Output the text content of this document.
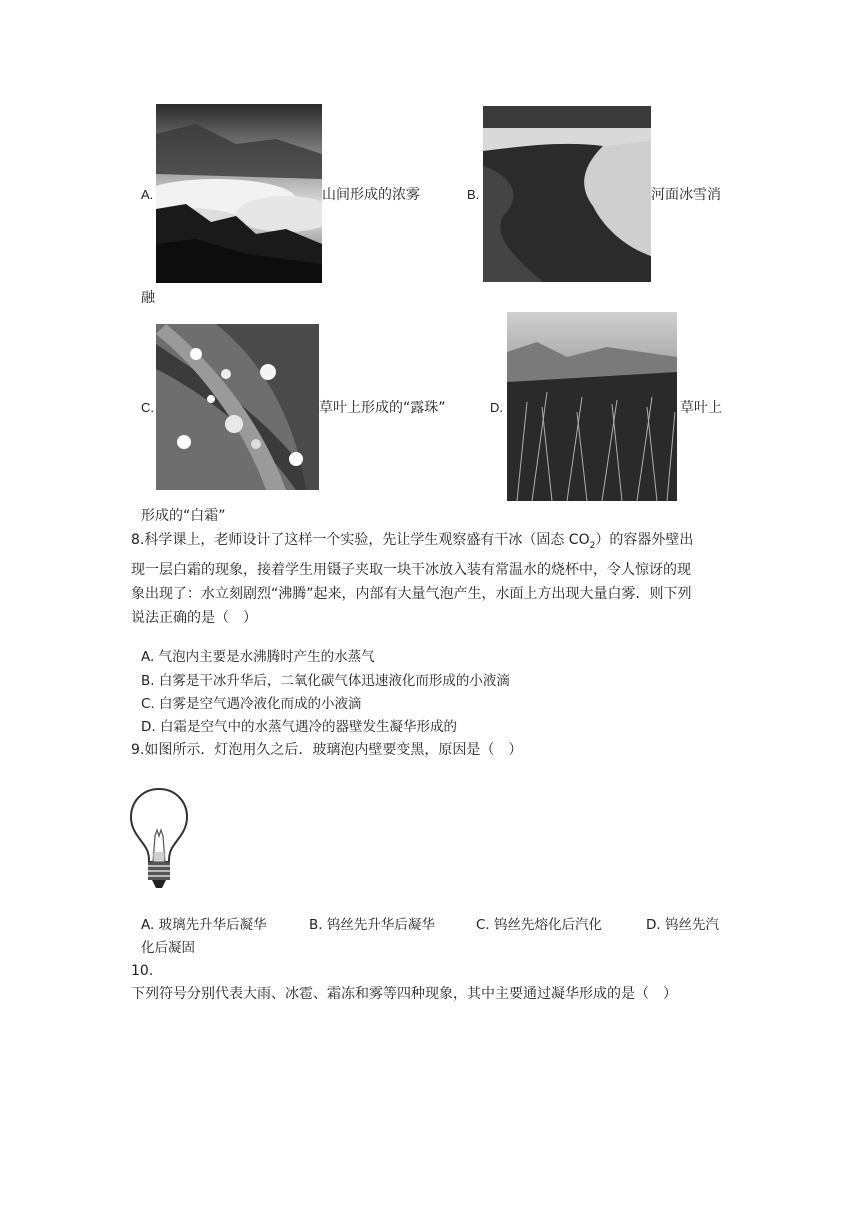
A.	山间形成的浓雾	B.	河面冰雪消
融
C.	草叶上形成的“露珠”	D.	草叶上
形成的“白霜”
8.科学课上，老师设计了这样一个实验，先让学生观察盛有干冰（固态 $CO_2$）的容器外壁出
现一层白霜的现象，接着学生用镊子夹取一块干冰放入装有常温水的烧杯中，令人惊讶的现
象出现了：水立刻剧烈“沸腾”起来，内部有大量气泡产生，水面上方出现大量白雾．则下列
说法正确的是（　）
A. 气泡内主要是水沸腾时产生的水蒸气
B. 白雾是干冰升华后，二氧化碳气体迅速液化而形成的小液滴
C. 白雾是空气遇冷液化而成的小液滴
D. 白霜是空气中的水蒸气遇冷的器壁发生凝华形成的
9.如图所示．灯泡用久之后．玻璃泡内壁要变黑，原因是（　）
A. 玻璃先升华后凝华	B. 钨丝先升华后凝华	C. 钨丝先熔化后汽化	D. 钨丝先汽
化后凝固
10.
下列符号分别代表大雨、冰雹、霜冻和雾等四种现象，其中主要通过凝华形成的是（　）
